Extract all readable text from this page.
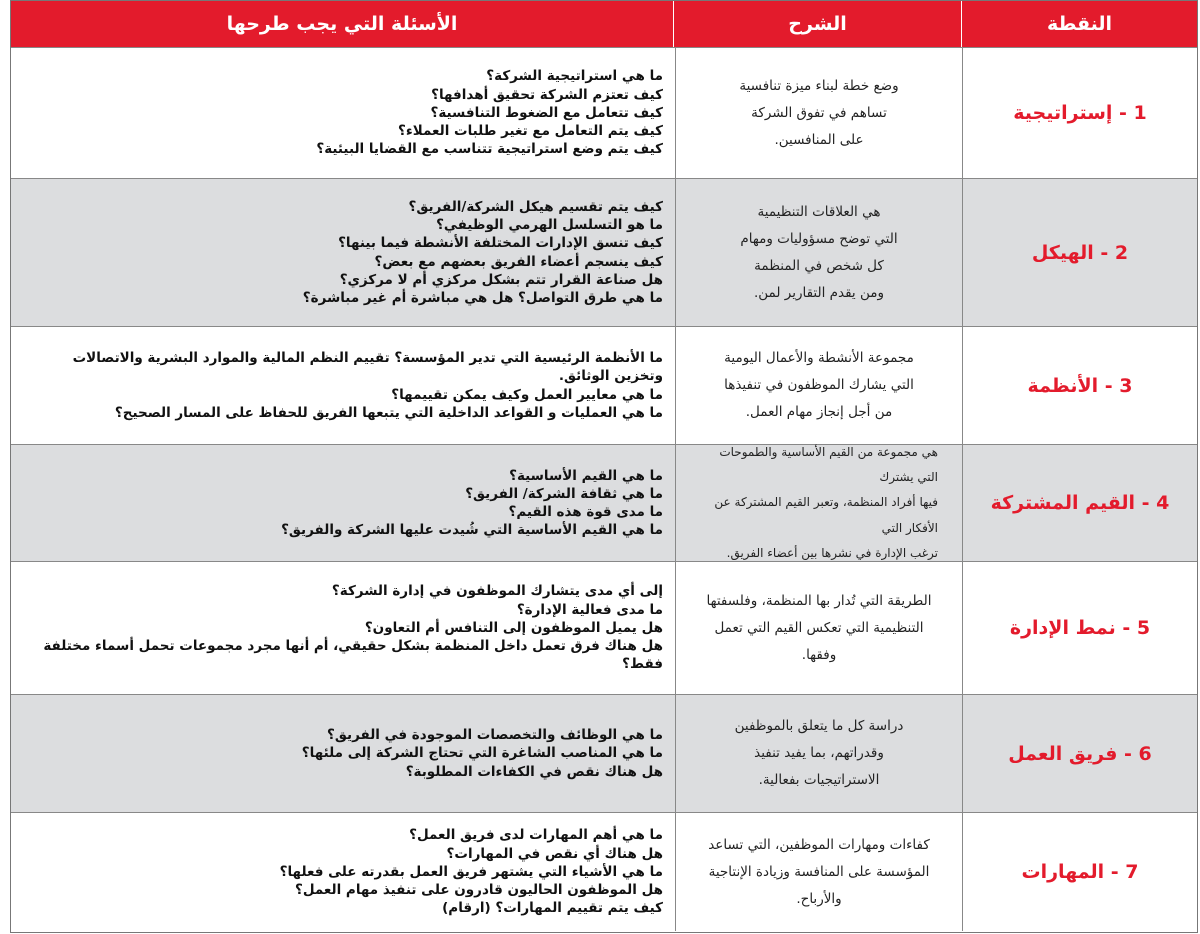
النقطة
الشرح
الأسئلة التي يجب طرحها
1 - إستراتيجية
وضع خطة لبناء ميزة تنافسية
تساهم في تفوق الشركة
على المنافسين.
ما هي استراتيجية الشركة؟
كيف تعتزم الشركة تحقيق أهدافها؟
كيف تتعامل مع الضغوط التنافسية؟
كيف يتم التعامل مع تغير طلبات العملاء؟
كيف يتم وضع استراتيجية تتناسب مع القضايا البيئية؟
2 - الهيكل
هي العلاقات التنظيمية
التي توضح مسؤوليات ومهام
كل شخص في المنظمة
ومن يقدم التقارير لمن.
كيف يتم تقسيم هيكل الشركة/الفريق؟
ما هو التسلسل الهرمي الوظيفي؟
كيف تنسق الإدارات المختلفة الأنشطة فيما بينها؟
كيف ينسجم أعضاء الفريق بعضهم مع بعض؟
هل صناعة القرار تتم بشكل مركزي أم لا مركزي؟
ما هي طرق التواصل؟ هل هي مباشرة أم غير مباشرة؟
3 - الأنظمة
مجموعة الأنشطة والأعمال اليومية
التي يشارك الموظفون في تنفيذها
من أجل إنجاز مهام العمل.
ما الأنظمة الرئيسية التي تدير المؤسسة؟ تقييم النظم المالية والموارد البشرية والاتصالات وتخزين الوثائق.
ما هي معايير العمل وكيف يمكن تقييمها؟
ما هي العمليات و القواعد الداخلية التي يتبعها الفريق للحفاظ على المسار الصحيح؟
4 - القيم المشتركة
هي مجموعة من القيم الأساسية والطموحات التي يشترك
فيها أفراد المنظمة، وتعبر القيم المشتركة عن الأفكار التي
ترغب الإدارة في نشرها بين أعضاء الفريق.
ما هي القيم الأساسية؟
ما هي ثقافة الشركة/ الفريق؟
ما مدى قوة هذه القيم؟
ما هي القيم الأساسية التي شُيدت عليها الشركة والفريق؟
5 - نمط الإدارة
الطريقة التي تُدار بها المنظمة، وفلسفتها
التنظيمية التي تعكس القيم التي تعمل وفقها.
إلى أي مدى يتشارك الموظفون في إدارة الشركة؟
ما مدى فعالية الإدارة؟
هل يميل الموظفون إلى التنافس أم التعاون؟
هل هناك فرق تعمل داخل المنظمة بشكل حقيقي، أم أنها مجرد مجموعات تحمل أسماء مختلفة فقط؟
6 - فريق العمل
دراسة كل ما يتعلق بالموظفين
وقدراتهم، بما يفيد تنفيذ
الاستراتيجيات بفعالية.
ما هي الوظائف والتخصصات الموجودة في الفريق؟
ما هي المناصب الشاغرة التي تحتاج الشركة إلى ملئها؟
هل هناك نقص في الكفاءات المطلوبة؟
7 - المهارات
كفاءات ومهارات الموظفين، التي تساعد
المؤسسة على المنافسة وزيادة الإنتاجية
والأرباح.
ما هي أهم المهارات لدى فريق العمل؟
هل هناك أي نقص في المهارات؟
ما هي الأشياء التي يشتهر فريق العمل بقدرته على فعلها؟
هل الموظفون الحاليون قادرون على تنفيذ مهام العمل؟
كيف يتم تقييم المهارات؟ (ارقام)
